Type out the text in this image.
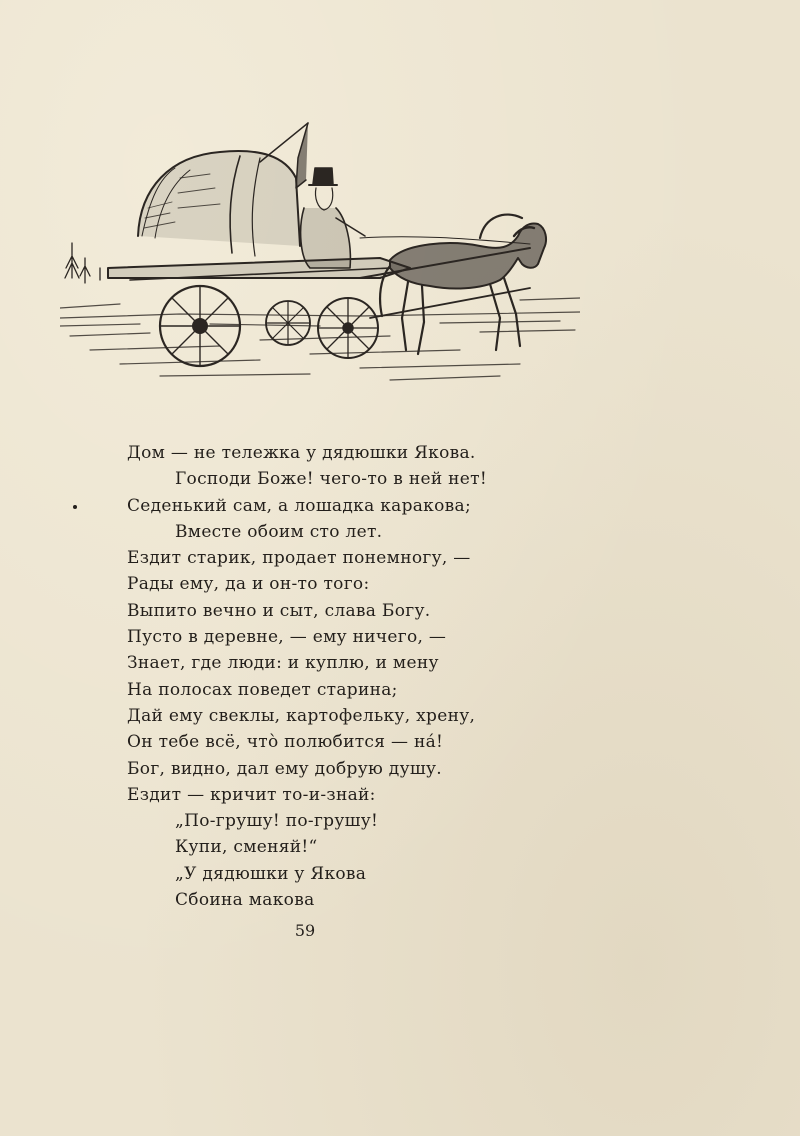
Дом — не тележка у дядюшки Якова.
Господи Боже! чего-то в ней нет!
Седенький сам, а лошадка каракова;
Вместе обоим сто лет.
Ездит старик, продает понемногу, —
Рады ему, да и он-то того:
Выпито вечно и сыт, слава Богу.
Пусто в деревне, — ему ничего, —
Знает, где люди: и куплю, и мену
На полосах поведет старина;
Дай ему свеклы, картофельку, хрену,
Он тебе всё, что̀ полюбится — на́!
Бог, видно, дал ему добрую душу.
Ездит — кричит то-и-знай:
„По-грушу! по-грушу!
Купи, сменяй!“
„У дядюшки у Якова
Сбоина макова
59
